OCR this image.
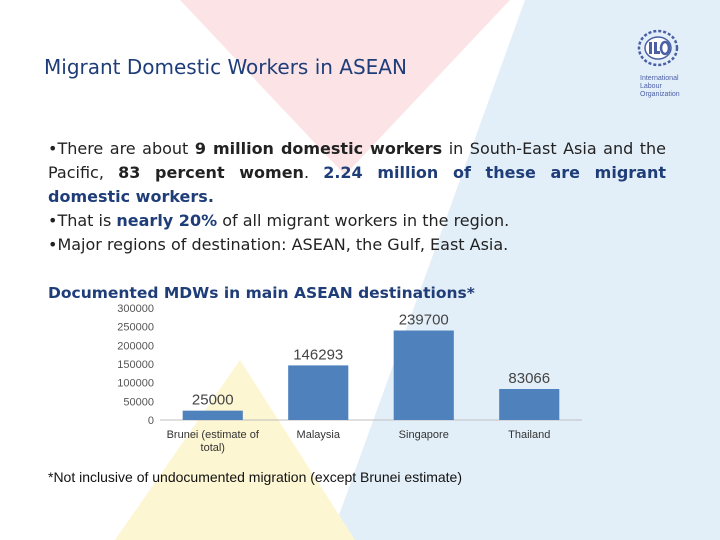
Migrant Domestic Workers in ASEAN	International
Labour
Organization

•There are about 9 million domestic workers in South-East Asia and the Pacific, 83 percent women. 2.24 million of these are migrant domestic workers.

•That is nearly 20% of all migrant workers in the region.

•Major regions of destination: ASEAN, the Gulf, East Asia.

Documented MDWs in main ASEAN destinations*
0
50000
100000
150000
200000
250000
300000
25000
Brunei (estimate of
total)
146293
Malaysia
239700
Singapore
83066
Thailand
*Not inclusive of undocumented migration (except Brunei estimate)
